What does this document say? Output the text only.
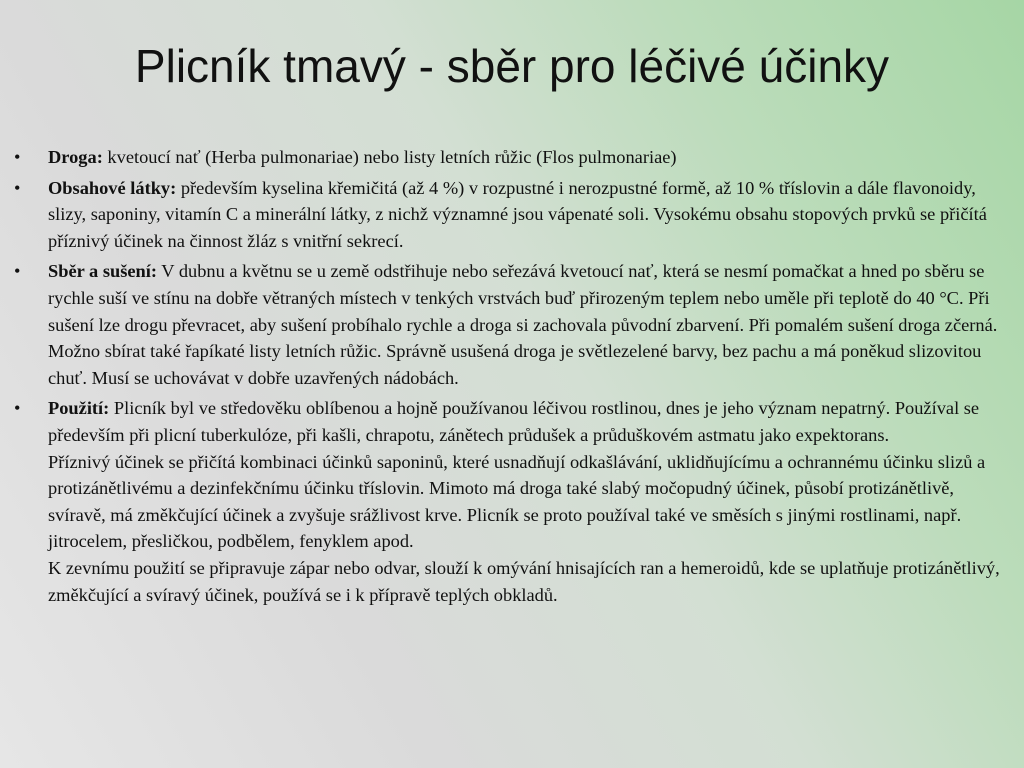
Plicník tmavý - sběr pro léčivé účinky
•	Droga: kvetoucí nať (Herba pulmonariae) nebo listy letních růžic (Flos pulmonariae)
•	Obsahové látky: především kyselina křemičitá (až 4 %) v rozpustné i nerozpustné formě, až 10 % tříslovin a dále flavonoidy, slizy, saponiny, vitamín C a minerální látky, z nichž významné jsou vápenaté soli. Vysokému obsahu stopových prvků se přičítá příznivý účinek na činnost žláz s vnitřní sekrecí.
•	Sběr a sušení: V dubnu a květnu se u země odstřihuje nebo seřezává kvetoucí nať, která se nesmí pomačkat a hned po sběru se rychle suší ve stínu na dobře větraných místech v tenkých vrstvách buď přirozeným teplem nebo uměle při teplotě do 40 °C. Při sušení lze drogu převracet, aby sušení probíhalo rychle a droga si zachovala původní zbarvení. Při pomalém sušení droga zčerná. Možno sbírat také řapíkaté listy letních růžic. Správně usušená droga je světlezelené barvy, bez pachu a má poněkud slizovitou chuť. Musí se uchovávat v dobře uzavřených nádobách.
•	Použití: Plicník byl ve středověku oblíbenou a hojně používanou léčivou rostlinou, dnes je jeho význam nepatrný. Používal se především při plicní tuberkulóze, při kašli, chrapotu, zánětech průdušek a průduškovém astmatu jako expektorans.
Příznivý účinek se přičítá kombinaci účinků saponinů, které usnadňují odkašlávání, uklidňujícímu a ochrannému účinku slizů a protizánětlivému a dezinfekčnímu účinku tříslovin. Mimoto má droga také slabý močopudný účinek, působí protizánětlivě, svíravě, má změkčující účinek a zvyšuje srážlivost krve. Plicník se proto používal také ve směsích s jinými rostlinami, např. jitrocelem, přesličkou, podbělem, fenyklem apod.
K zevnímu použití se připravuje zápar nebo odvar, slouží k omývání hnisajících ran a hemeroidů, kde se uplatňuje protizánětlivý, změkčující a svíravý účinek, používá se i k přípravě teplých obkladů.
